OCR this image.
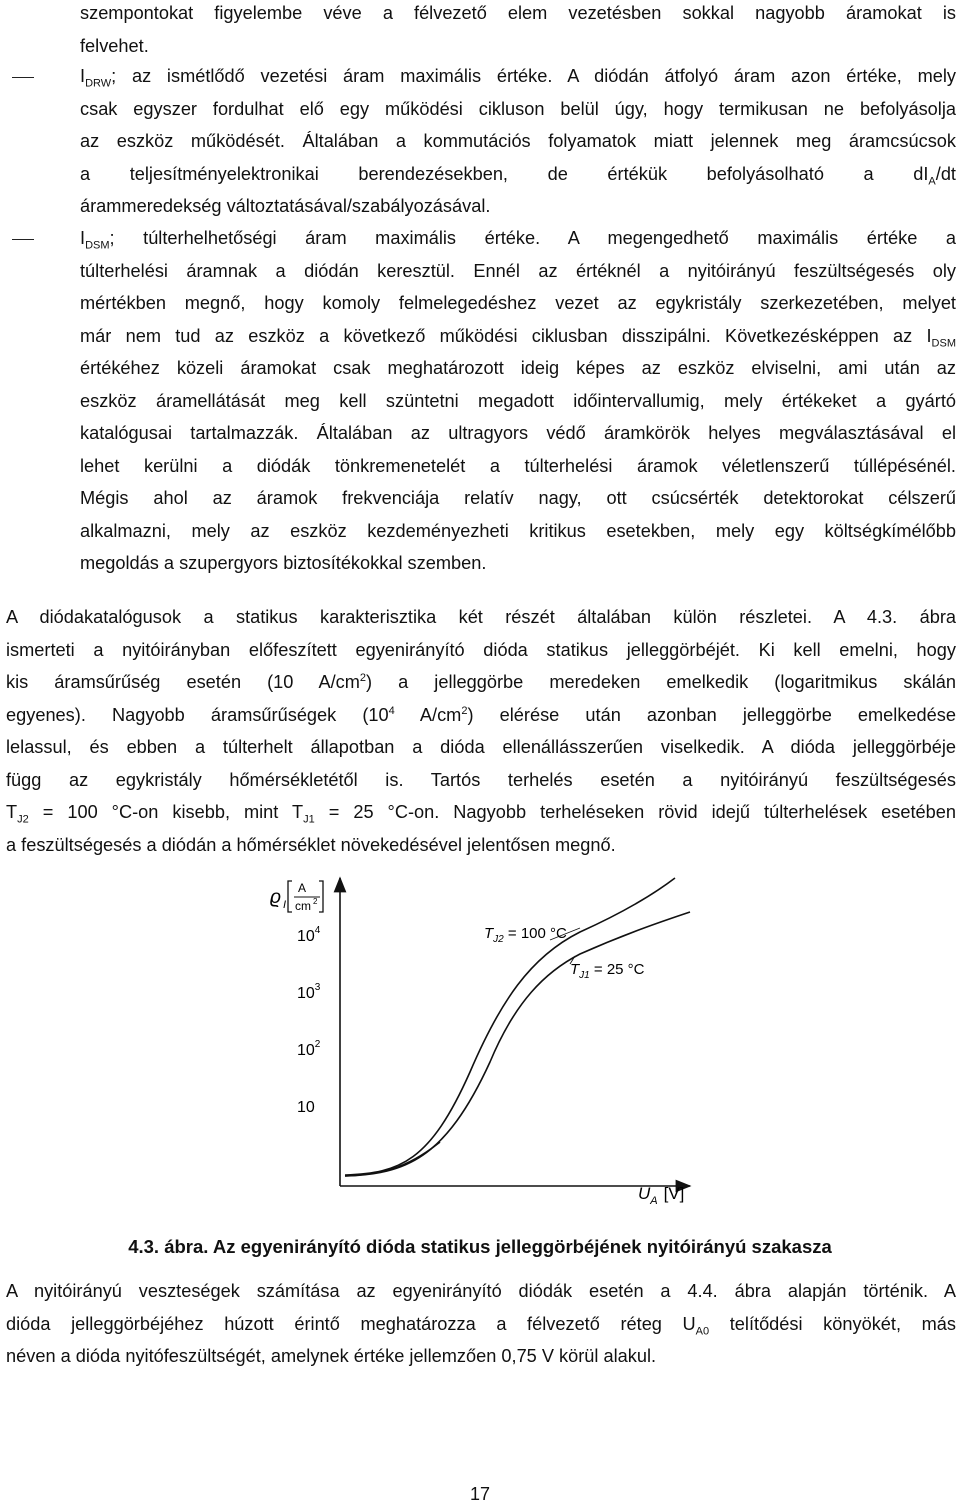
szempontokat figyelembe véve a félvezető elem vezetésben sokkal nagyobb áramokat is
felvehet.
$I_{DRW}$; az ismétlődő vezetési áram maximális értéke. A diódán átfolyó áram azon értéke, mely
csak egyszer fordulhat elő egy működési cikluson belül úgy, hogy termikusan ne befolyásolja
az eszköz működését. Általában a kommutációs folyamatok miatt jelennek meg áramcsúcsok
a teljesítményelektronikai berendezésekben, de értékük befolyásolható a $dI_A/dt$
árammeredekség változtatásával/szabályozásával.
$I_{DSM}$; túlterhelhetőségi áram maximális értéke. A megengedhető maximális értéke a
túlterhelési áramnak a diódán keresztül. Ennél az értéknél a nyitóirányú feszültségesés oly
mértékben megnő, hogy komoly felmelegedéshez vezet az egykristály szerkezetében, melyet
már nem tud az eszköz a következő működési ciklusban disszipálni. Következésképpen az $I_{DSM}$
értékéhez közeli áramokat csak meghatározott ideig képes az eszköz elviselni, ami után az
eszköz áramellátását meg kell szüntetni megadott időintervallumig, mely értékeket a gyártó
katalógusai tartalmazzák. Általában az ultragyors védő áramkörök helyes megválasztásával el
lehet kerülni a diódák tönkremenetelét a túlterhelési áramok véletlenszerű túllépésénél.
Mégis ahol az áramok frekvenciája relatív nagy, ott csúcsérték detektorokat célszerű
alkalmazni, mely az eszköz kezdeményezheti kritikus esetekben, mely egy költségkímélőbb
megoldás a szupergyors biztosítékokkal szemben.
A diódakatalógusok a statikus karakterisztika két részét általában külön részletei. A 4.3. ábra
ismerteti a nyitóirányban előfeszített egyenirányító dióda statikus jelleggörbéjét. Ki kell emelni, hogy
kis áramsűrűség esetén (10 $A/cm^2$) a jelleggörbe meredeken emelkedik (logaritmikus skálán
egyenes). Nagyobb áramsűrűségek ($10^4$ $A/cm^2$) elérése után azonban jelleggörbe emelkedése
lelassul, és ebben a túlterhelt állapotban a dióda ellenállásszerűen viselkedik. A dióda jelleggörbéje
függ az egykristály hőmérsékletétől is. Tartós terhelés esetén a nyitóirányú feszültségesés
$T_{J2} = 100$ °C-on kisebb, mint $T_{J1} = 25$ °C-on. Nagyobb terheléseken rövid idejű túlterhelések esetében
a feszültségesés a diódán a hőmérséklet növekedésével jelentősen megnő.
ϱ I
A
cm 2
10
$10^2$
$10^3$
$10^4$	$T_{J2} = 100$ °C
$T_{J1} = 25$ °C
$U_A$ [V]
4.3. ábra. Az egyenirányító dióda statikus jelleggörbéjének nyitóirányú szakasza
A nyitóirányú veszteségek számítása az egyenirányító diódák esetén a 4.4. ábra alapján történik. A
dióda jelleggörbéjéhez húzott érintő meghatározza a félvezető réteg $U_{A0}$ telítődési könyökét, más
néven a dióda nyitófeszültségét, amelynek értéke jellemzően 0,75 V körül alakul.
17
